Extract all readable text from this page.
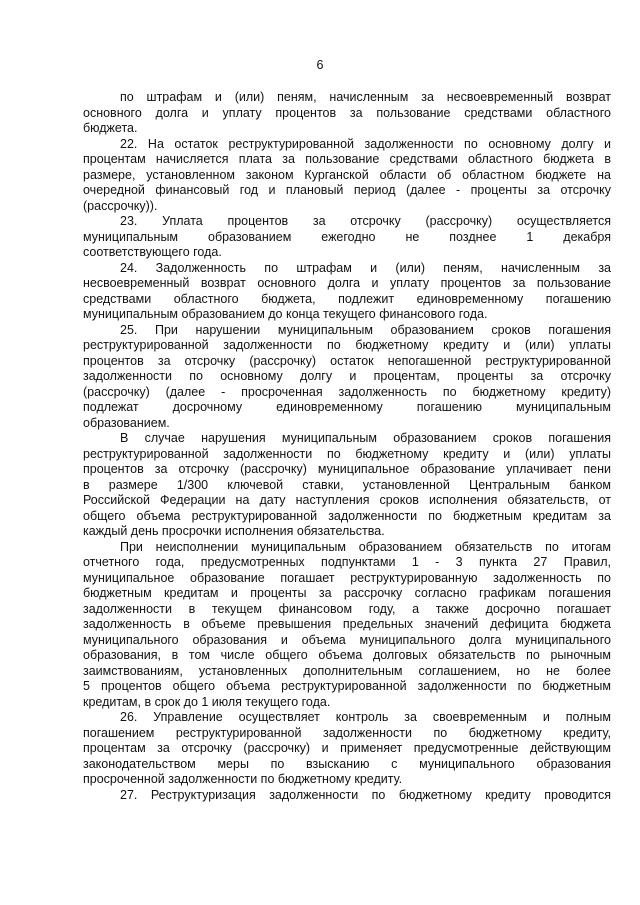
6
по штрафам и (или) пеням, начисленным за несвоевременный возврат
основного долга и уплату процентов за пользование средствами областного
бюджета.
22. На остаток реструктурированной задолженности по основному долгу и
процентам начисляется плата за пользование средствами областного бюджета в
размере, установленном законом Курганской области об областном бюджете на
очередной финансовый год и плановый период (далее - проценты за отсрочку
(рассрочку)).
23. Уплата процентов за отсрочку (рассрочку) осуществляется
муниципальным образованием ежегодно не позднее 1 декабря
соответствующего года.
24. Задолженность по штрафам и (или) пеням, начисленным за
несвоевременный возврат основного долга и уплату процентов за пользование
средствами областного бюджета, подлежит единовременному погашению
муниципальным образованием до конца текущего финансового года.
25. При нарушении муниципальным образованием сроков погашения
реструктурированной задолженности по бюджетному кредиту и (или) уплаты
процентов за отсрочку (рассрочку) остаток непогашенной реструктурированной
задолженности по основному долгу и процентам, проценты за отсрочку
(рассрочку) (далее - просроченная задолженность по бюджетному кредиту)
подлежат досрочному единовременному погашению муниципальным
образованием.
В случае нарушения муниципальным образованием сроков погашения
реструктурированной задолженности по бюджетному кредиту и (или) уплаты
процентов за отсрочку (рассрочку) муниципальное образование уплачивает пени
в размере 1/300 ключевой ставки, установленной Центральным банком
Российской Федерации на дату наступления сроков исполнения обязательств, от
общего объема реструктурированной задолженности по бюджетным кредитам за
каждый день просрочки исполнения обязательства.
При неисполнении муниципальным образованием обязательств по итогам
отчетного года, предусмотренных подпунктами 1 - 3 пункта 27 Правил,
муниципальное образование погашает реструктурированную задолженность по
бюджетным кредитам и проценты за рассрочку согласно графикам погашения
задолженности в текущем финансовом году, а также досрочно погашает
задолженность в объеме превышения предельных значений дефицита бюджета
муниципального образования и объема муниципального долга муниципального
образования, в том числе общего объема долговых обязательств по рыночным
заимствованиям, установленных дополнительным соглашением, но не более
5 процентов общего объема реструктурированной задолженности по бюджетным
кредитам, в срок до 1 июля текущего года.
26. Управление осуществляет контроль за своевременным и полным
погашением реструктурированной задолженности по бюджетному кредиту,
процентам за отсрочку (рассрочку) и применяет предусмотренные действующим
законодательством меры по взысканию с муниципального образования
просроченной задолженности по бюджетному кредиту.
27. Реструктуризация задолженности по бюджетному кредиту проводится
